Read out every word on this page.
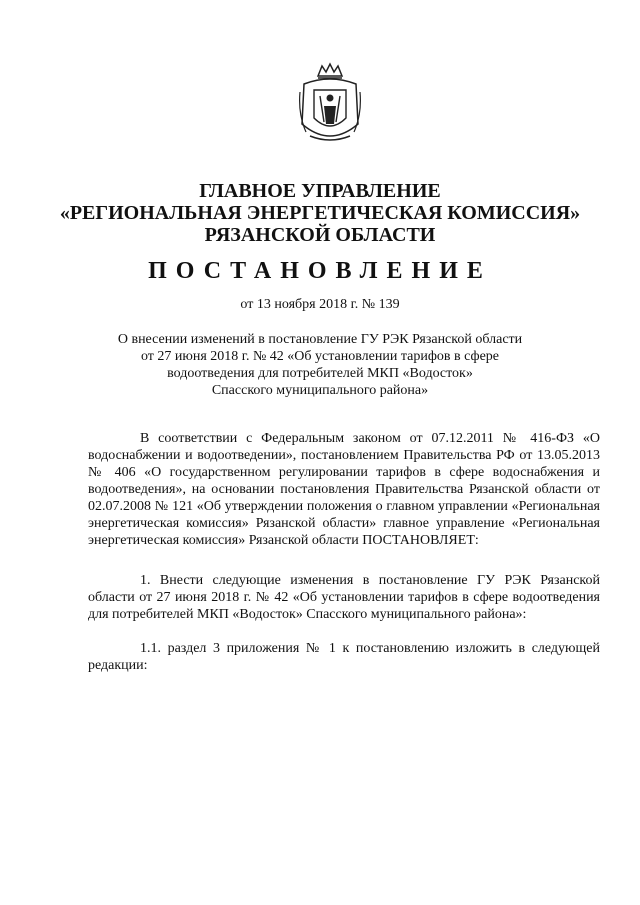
ГЛАВНОЕ УПРАВЛЕНИЕ
«РЕГИОНАЛЬНАЯ ЭНЕРГЕТИЧЕСКАЯ КОМИССИЯ»
РЯЗАНСКОЙ ОБЛАСТИ
ПОСТАНОВЛЕНИЕ
от 13 ноября 2018 г. № 139
О внесении изменений в постановление ГУ РЭК Рязанской области
от 27 июня 2018 г. № 42 «Об установлении тарифов в сфере
водоотведения для потребителей МКП «Водосток»
Спасского муниципального района»
В соответствии с Федеральным законом от 07.12.2011 № 416-ФЗ «О водоснабжении и водоотведении», постановлением Правительства РФ от 13.05.2013 № 406 «О государственном регулировании тарифов в сфере водоснабжения и водоотведения», на основании постановления Правительства Рязанской области от 02.07.2008 № 121 «Об утверждении положения о главном управлении «Региональная энергетическая комиссия» Рязанской области» главное управление «Региональная энергетическая комиссия» Рязанской области ПОСТАНОВЛЯЕТ:
1. Внести следующие изменения в постановление ГУ РЭК Рязанской области от 27 июня 2018 г. № 42 «Об установлении тарифов в сфере водоотведения для потребителей МКП «Водосток» Спасского муниципального района»:
1.1. раздел 3 приложения № 1 к постановлению изложить в следующей редакции:
